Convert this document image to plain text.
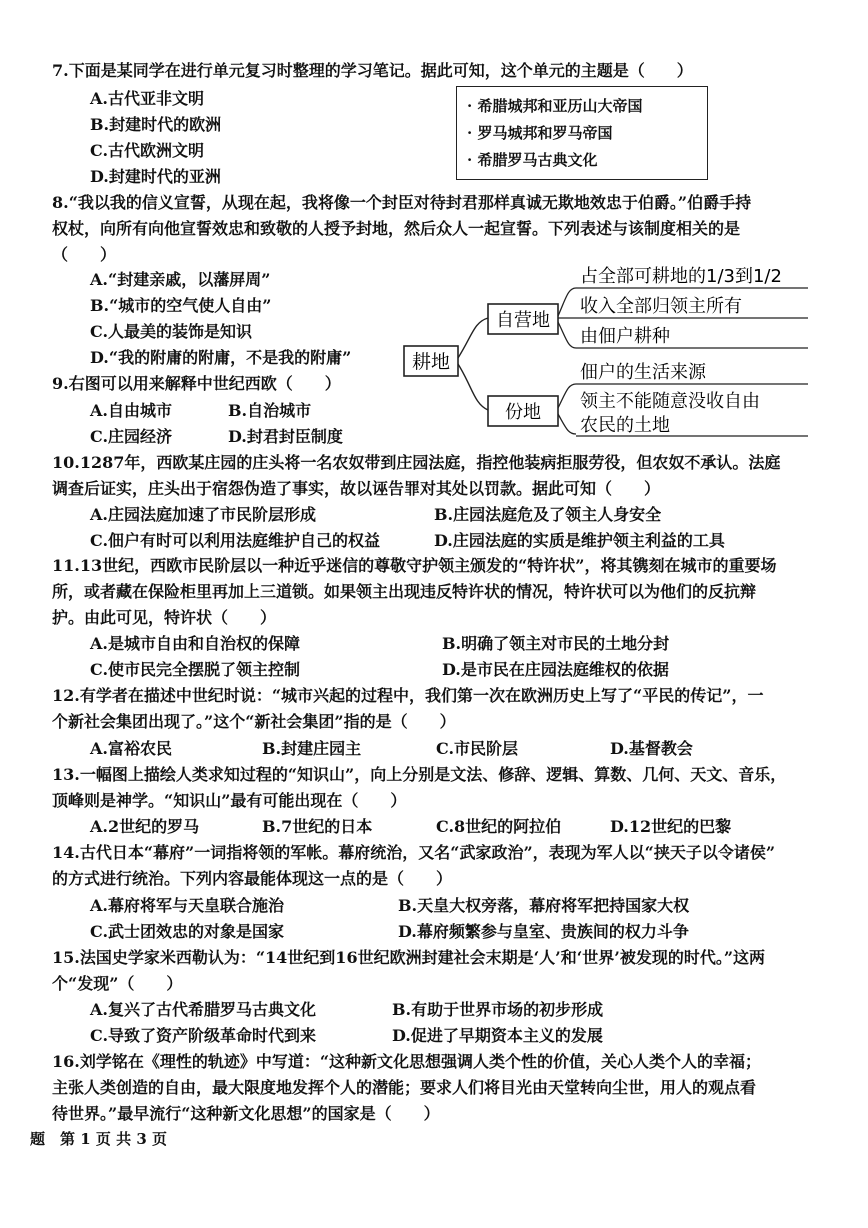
7.下面是某同学在进行单元复习时整理的学习笔记。据此可知，这个单元的主题是（　　）
A.古代亚非文明
B.封建时代的欧洲
C.古代欧洲文明
D.封建时代的亚洲
· 希腊城邦和亚历山大帝国
· 罗马城邦和罗马帝国
· 希腊罗马古典文化
8.“我以我的信义宣誓，从现在起，我将像一个封臣对待封君那样真诚无欺地效忠于伯爵。”伯爵手持
权杖，向所有向他宣誓效忠和致敬的人授予封地，然后众人一起宣誓。下列表述与该制度相关的是
（　　）
A.“封建亲戚，以藩屏周”
B.“城市的空气使人自由”
C.人最美的装饰是知识
D.“我的附庸的附庸，不是我的附庸”
9.右图可以用来解释中世纪西欧（　　）
A.自由城市	B.自治城市
C.庄园经济	D.封君封臣制度
耕地
自营地
占全部可耕地的1/3到1/2
收入全部归领主所有
由佃户耕种
份地
佃户的生活来源
领主不能随意没收自由
农民的土地
10.1287年，西欧某庄园的庄头将一名农奴带到庄园法庭，指控他装病拒服劳役，但农奴不承认。法庭
调查后证实，庄头出于宿怨伪造了事实，故以诬告罪对其处以罚款。据此可知（　　）
A.庄园法庭加速了市民阶层形成	B.庄园法庭危及了领主人身安全
C.佃户有时可以利用法庭维护自己的权益	D.庄园法庭的实质是维护领主利益的工具
11.13世纪，西欧市民阶层以一种近乎迷信的尊敬守护领主颁发的“特许状”，将其镌刻在城市的重要场
所，或者藏在保险柜里再加上三道锁。如果领主出现违反特许状的情况，特许状可以为他们的反抗辩
护。由此可见，特许状（　　）
A.是城市自由和自治权的保障	B.明确了领主对市民的土地分封
C.使市民完全摆脱了领主控制	D.是市民在庄园法庭维权的依据
12.有学者在描述中世纪时说：“城市兴起的过程中，我们第一次在欧洲历史上写了“平民的传记”，一
个新社会集团出现了。”这个“新社会集团”指的是（　　）
A.富裕农民	B.封建庄园主	C.市民阶层	D.基督教会
13.一幅图上描绘人类求知过程的“知识山”，向上分别是文法、修辞、逻辑、算数、几何、天文、音乐，
顶峰则是神学。“知识山”最有可能出现在（　　）
A.2世纪的罗马	B.7世纪的日本	C.8世纪的阿拉伯	D.12世纪的巴黎
14.古代日本“幕府”一词指将领的军帐。幕府统治，又名“武家政治”，表现为军人以“挟天子以令诸侯”
的方式进行统治。下列内容最能体现这一点的是（　　）
A.幕府将军与天皇联合施治	B.天皇大权旁落，幕府将军把持国家大权
C.武士团效忠的对象是国家	D.幕府频繁参与皇室、贵族间的权力斗争
15.法国史学家米西勒认为：“14世纪到16世纪欧洲封建社会末期是‘人’和‘世界’被发现的时代。”这两
个“发现”（　　）
A.复兴了古代希腊罗马古典文化	B.有助于世界市场的初步形成
C.导致了资产阶级革命时代到来	D.促进了早期资本主义的发展
16.刘学铭在《理性的轨迹》中写道：“这种新文化思想强调人类个性的价值，关心人类个人的幸福；
主张人类创造的自由，最大限度地发挥个人的潜能；要求人们将目光由天堂转向尘世，用人的观点看
待世界。”最早流行“这种新文化思想”的国家是（　　）
题　第 1 页 共 3 页
